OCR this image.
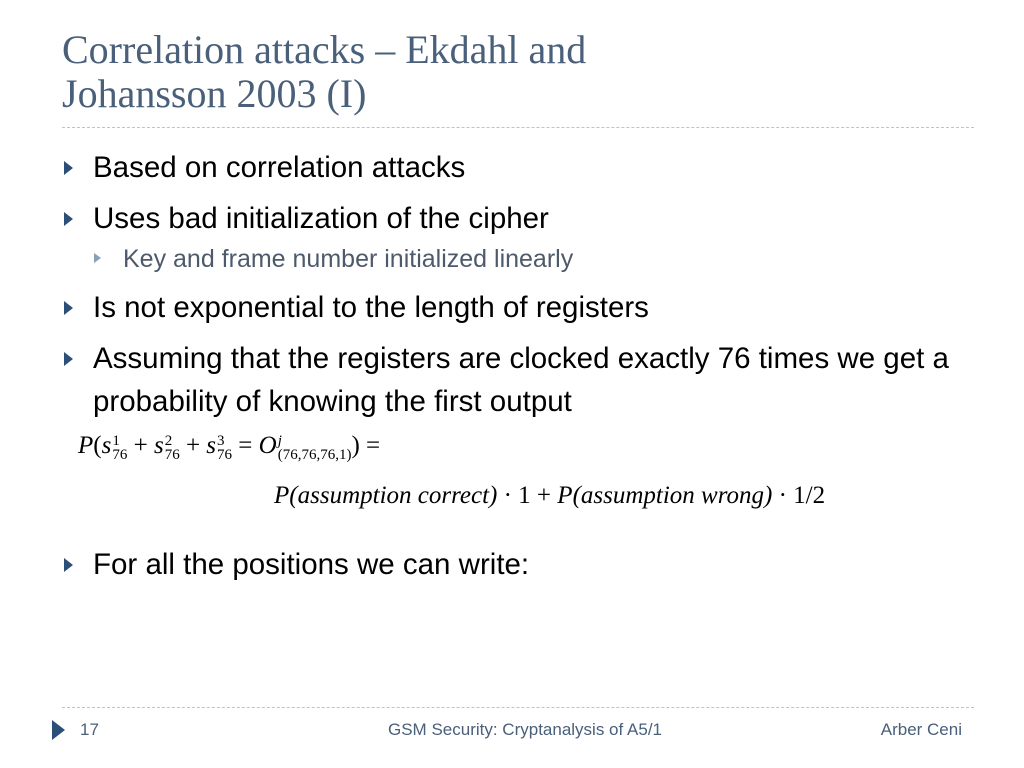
Correlation attacks – Ekdahl and
Johansson 2003 (I)
Based on correlation attacks
Uses bad initialization of the cipher
Key and frame number initialized linearly
Is not exponential to the length of registers
Assuming that the registers are clocked exactly 76 times we get a probability of knowing the first output
P(s 1
76 + s 2
76 + s 3
76 = O j
(76,76,76,1) ) =
P(assumption correct) · 1 + P(assumption wrong) · 1/2
For all the positions we can write:
17	GSM Security: Cryptanalysis of A5/1	Arber Ceni
